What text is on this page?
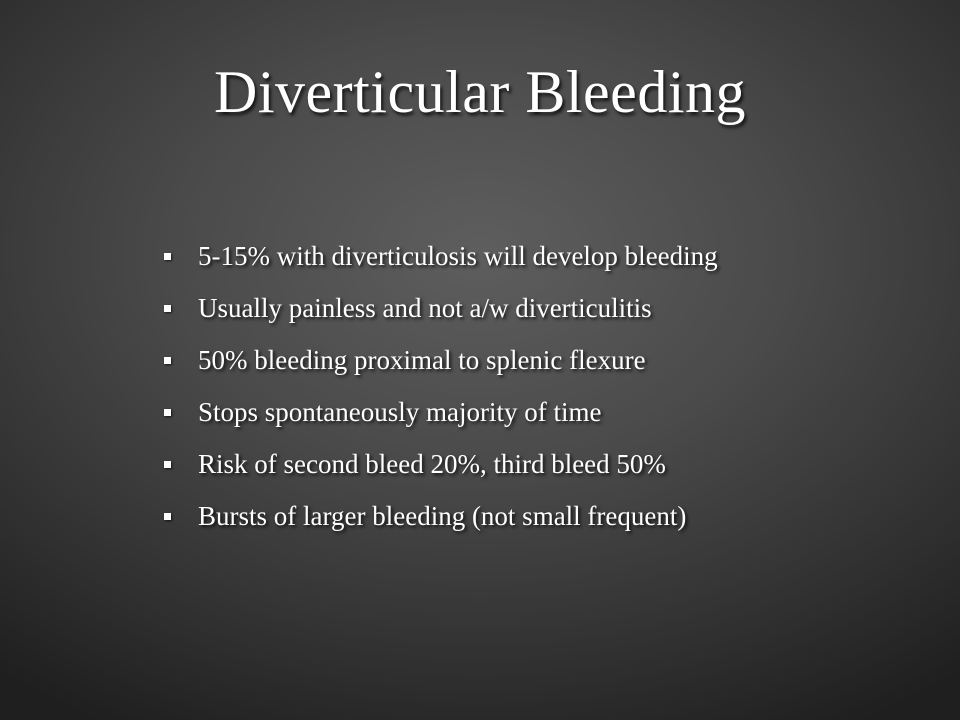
Diverticular Bleeding
5-15% with diverticulosis will develop bleeding
Usually painless and not a/w diverticulitis
50% bleeding proximal to splenic flexure
Stops spontaneously majority of time
Risk of second bleed 20%, third bleed 50%
Bursts of larger bleeding (not small frequent)
